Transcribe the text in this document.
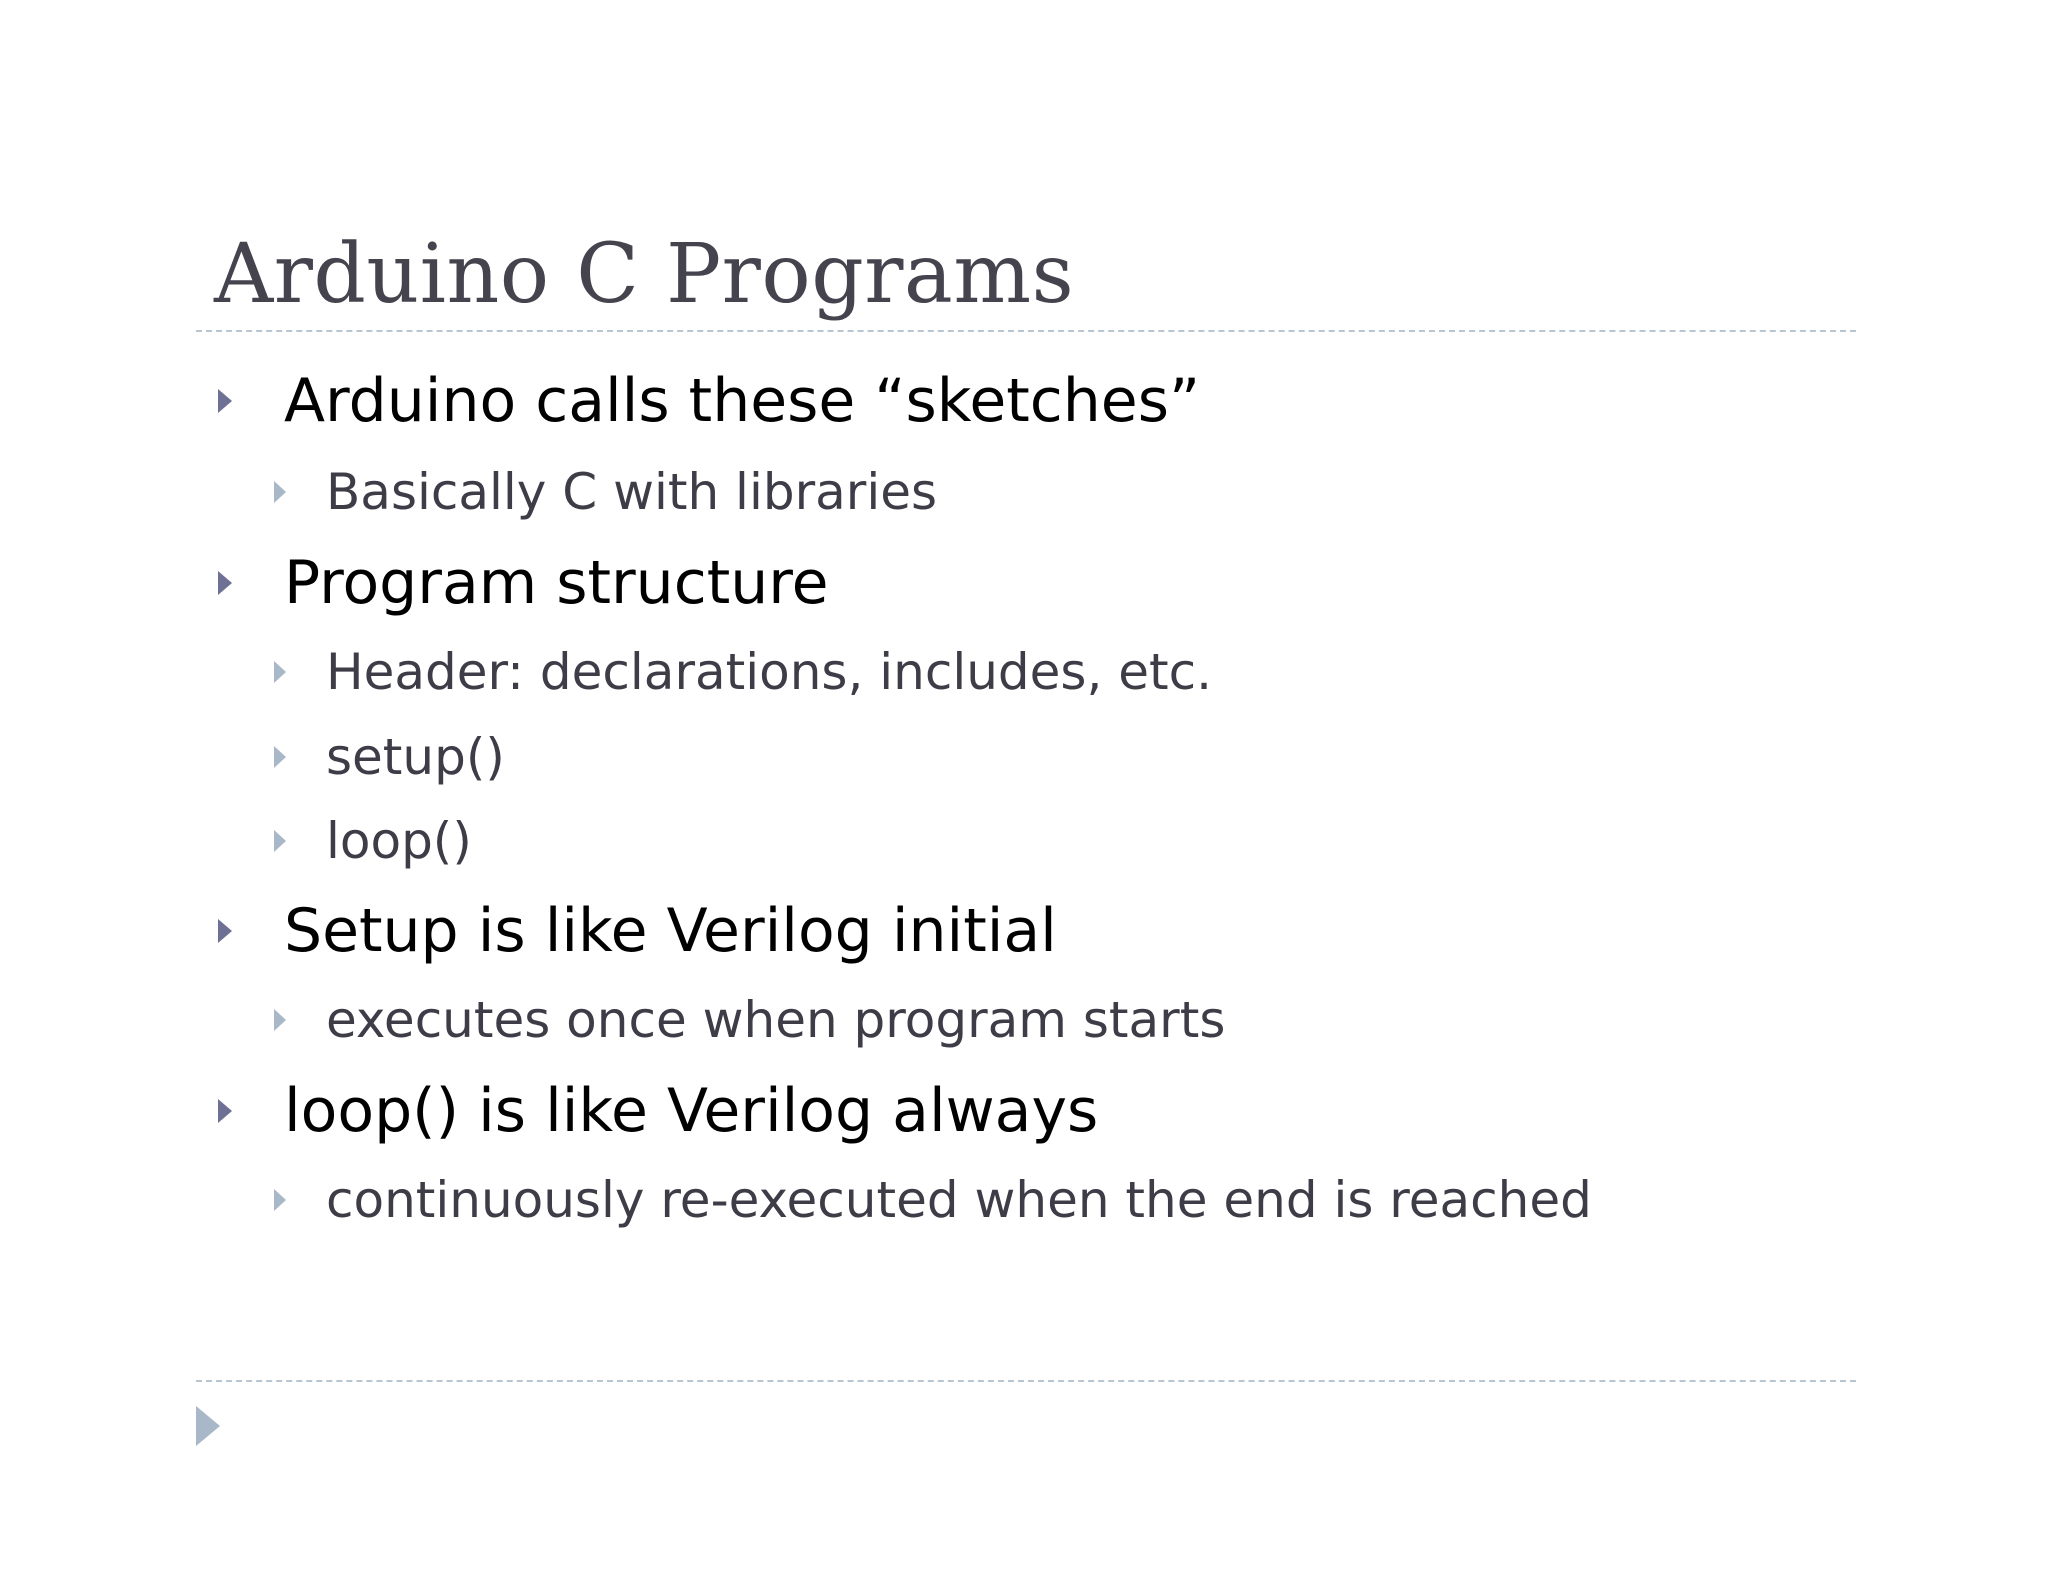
Arduino C Programs
Arduino calls these “sketches”
Basically C with libraries
Program structure
Header: declarations, includes, etc.
setup()
loop()
Setup is like Verilog initial
executes once when program starts
loop() is like Verilog always
continuously re-executed when the end is reached
